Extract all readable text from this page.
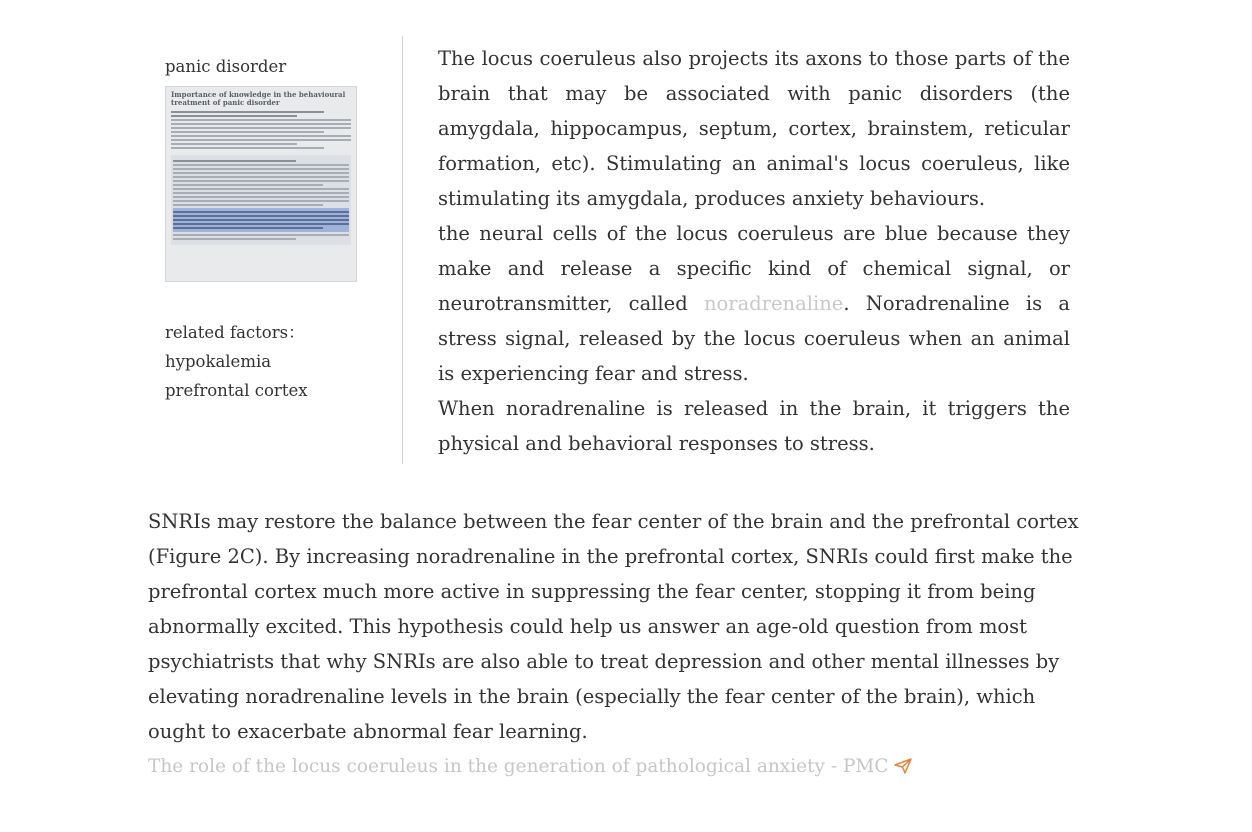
panic disorder
Importance of knowledge in the behavioural treatment of panic disorder
related factors：
hypokalemia
prefrontal cortex

The locus coeruleus also projects its axons to those parts of the brain that may be associated with panic disorders (the amygdala, hippocampus, septum, cortex, brainstem, reticular formation, etc). Stimulating an animal's locus coeruleus, like stimulating its amygdala, produces anxiety behaviours.

the neural cells of the locus coeruleus are blue because they make and release a specific kind of chemical signal, or neurotransmitter, called noradrenaline. Noradrenaline is a stress signal, released by the locus coeruleus when an animal is experiencing fear and stress.

When noradrenaline is released in the brain, it triggers the physical and behavioral responses to stress.

SNRIs may restore the balance between the fear center of the brain and the prefrontal cortex (Figure 2C). By increasing noradrenaline in the prefrontal cortex, SNRIs could first make the prefrontal cortex much more active in suppressing the fear center, stopping it from being abnormally excited. This hypothesis could help us answer an age-old question from most psychiatrists that why SNRIs are also able to treat depression and other mental illnesses by elevating noradrenaline levels in the brain (especially the fear center of the brain), which ought to exacerbate abnormal fear learning.

The role of the locus coeruleus in the generation of pathological anxiety - PMC
